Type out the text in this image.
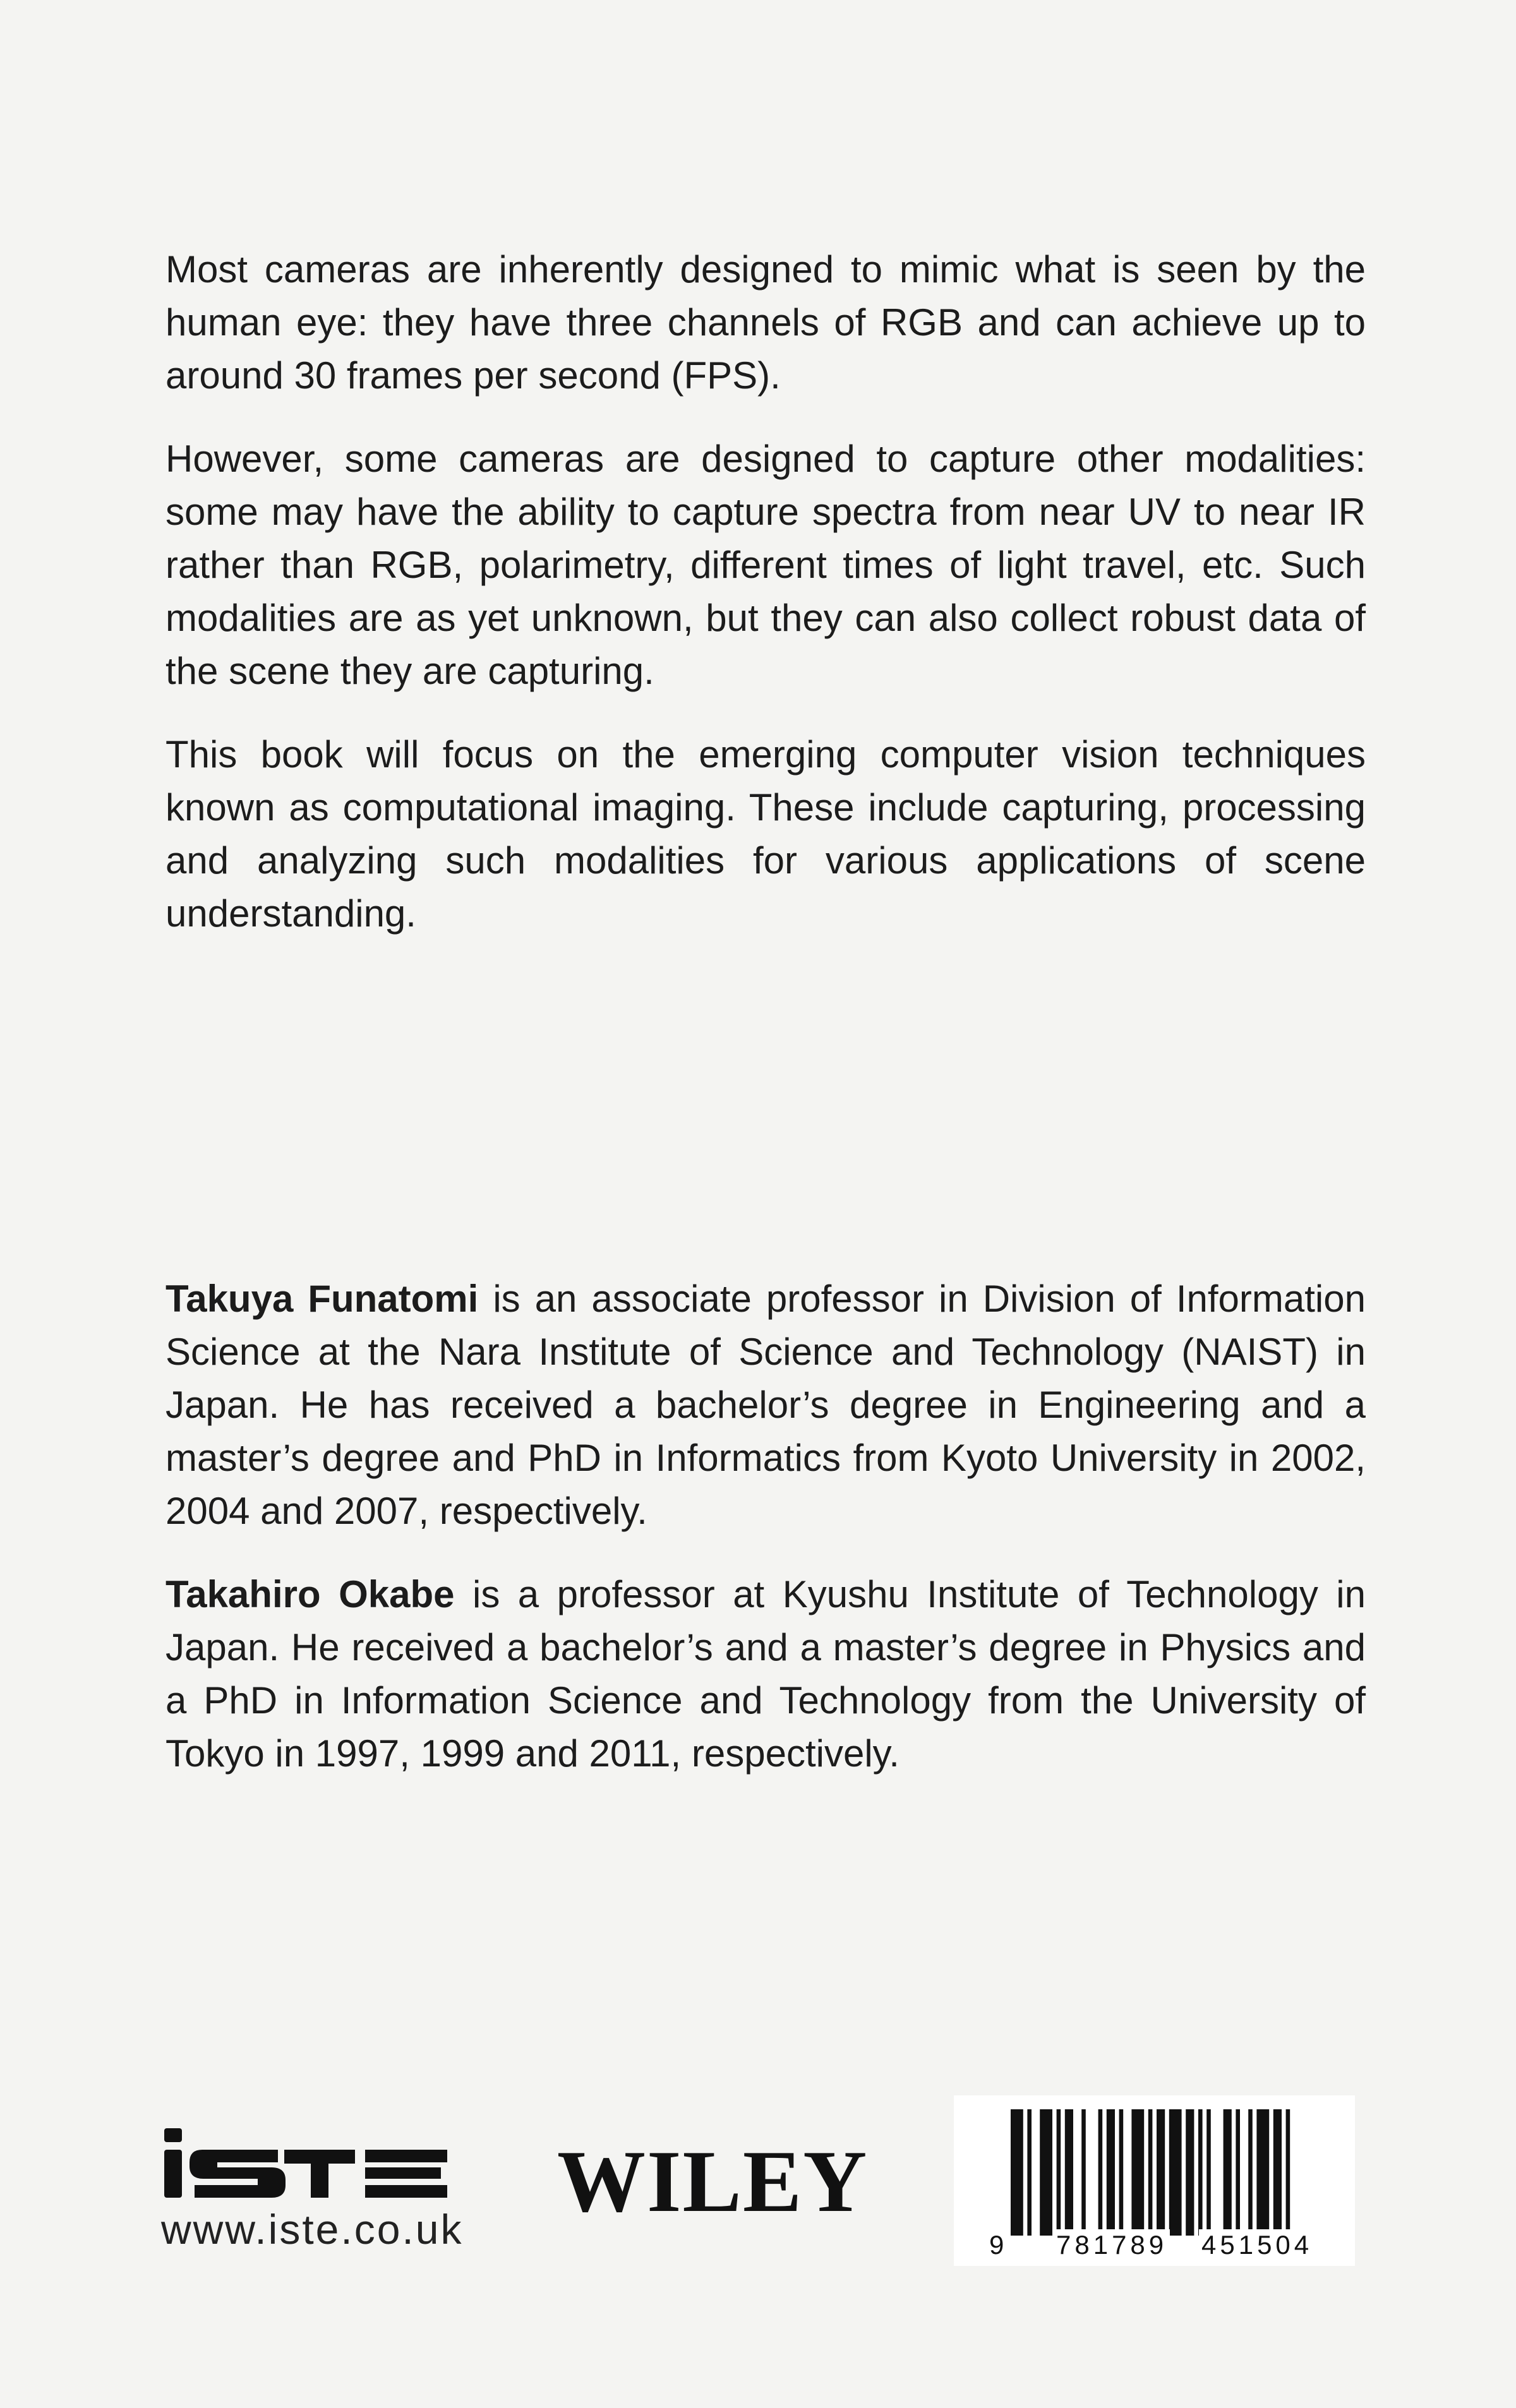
Most cameras are inherently designed to mimic what is seen by the human eye: they have three channels of RGB and can achieve up to around 30 frames per second (FPS).

However, some cameras are designed to capture other modalities: some may have the ability to capture spectra from near UV to near IR rather than RGB, polarimetry, different times of light travel, etc. Such modalities are as yet unknown, but they can also collect robust data of the scene they are capturing.

This book will focus on the emerging computer vision techniques known as computational imaging. These include capturing, processing and analyzing such modalities for various applications of scene understanding.

Takuya Funatomi is an associate professor in Division of Information Science at the Nara Institute of Science and Technology (NAIST) in Japan. He has received a bachelor’s degree in Engineering and a master’s degree and PhD in Informatics from Kyoto University in 2002, 2004 and 2007, respectively.

Takahiro Okabe is a professor at Kyushu Institute of Technology in Japan. He received a bachelor’s and a master’s degree in Physics and a PhD in Information Science and Technology from the University of Tokyo in 1997, 1999 and 2011, respectively.

www.iste.co.uk WILEY
9 781789 451504
